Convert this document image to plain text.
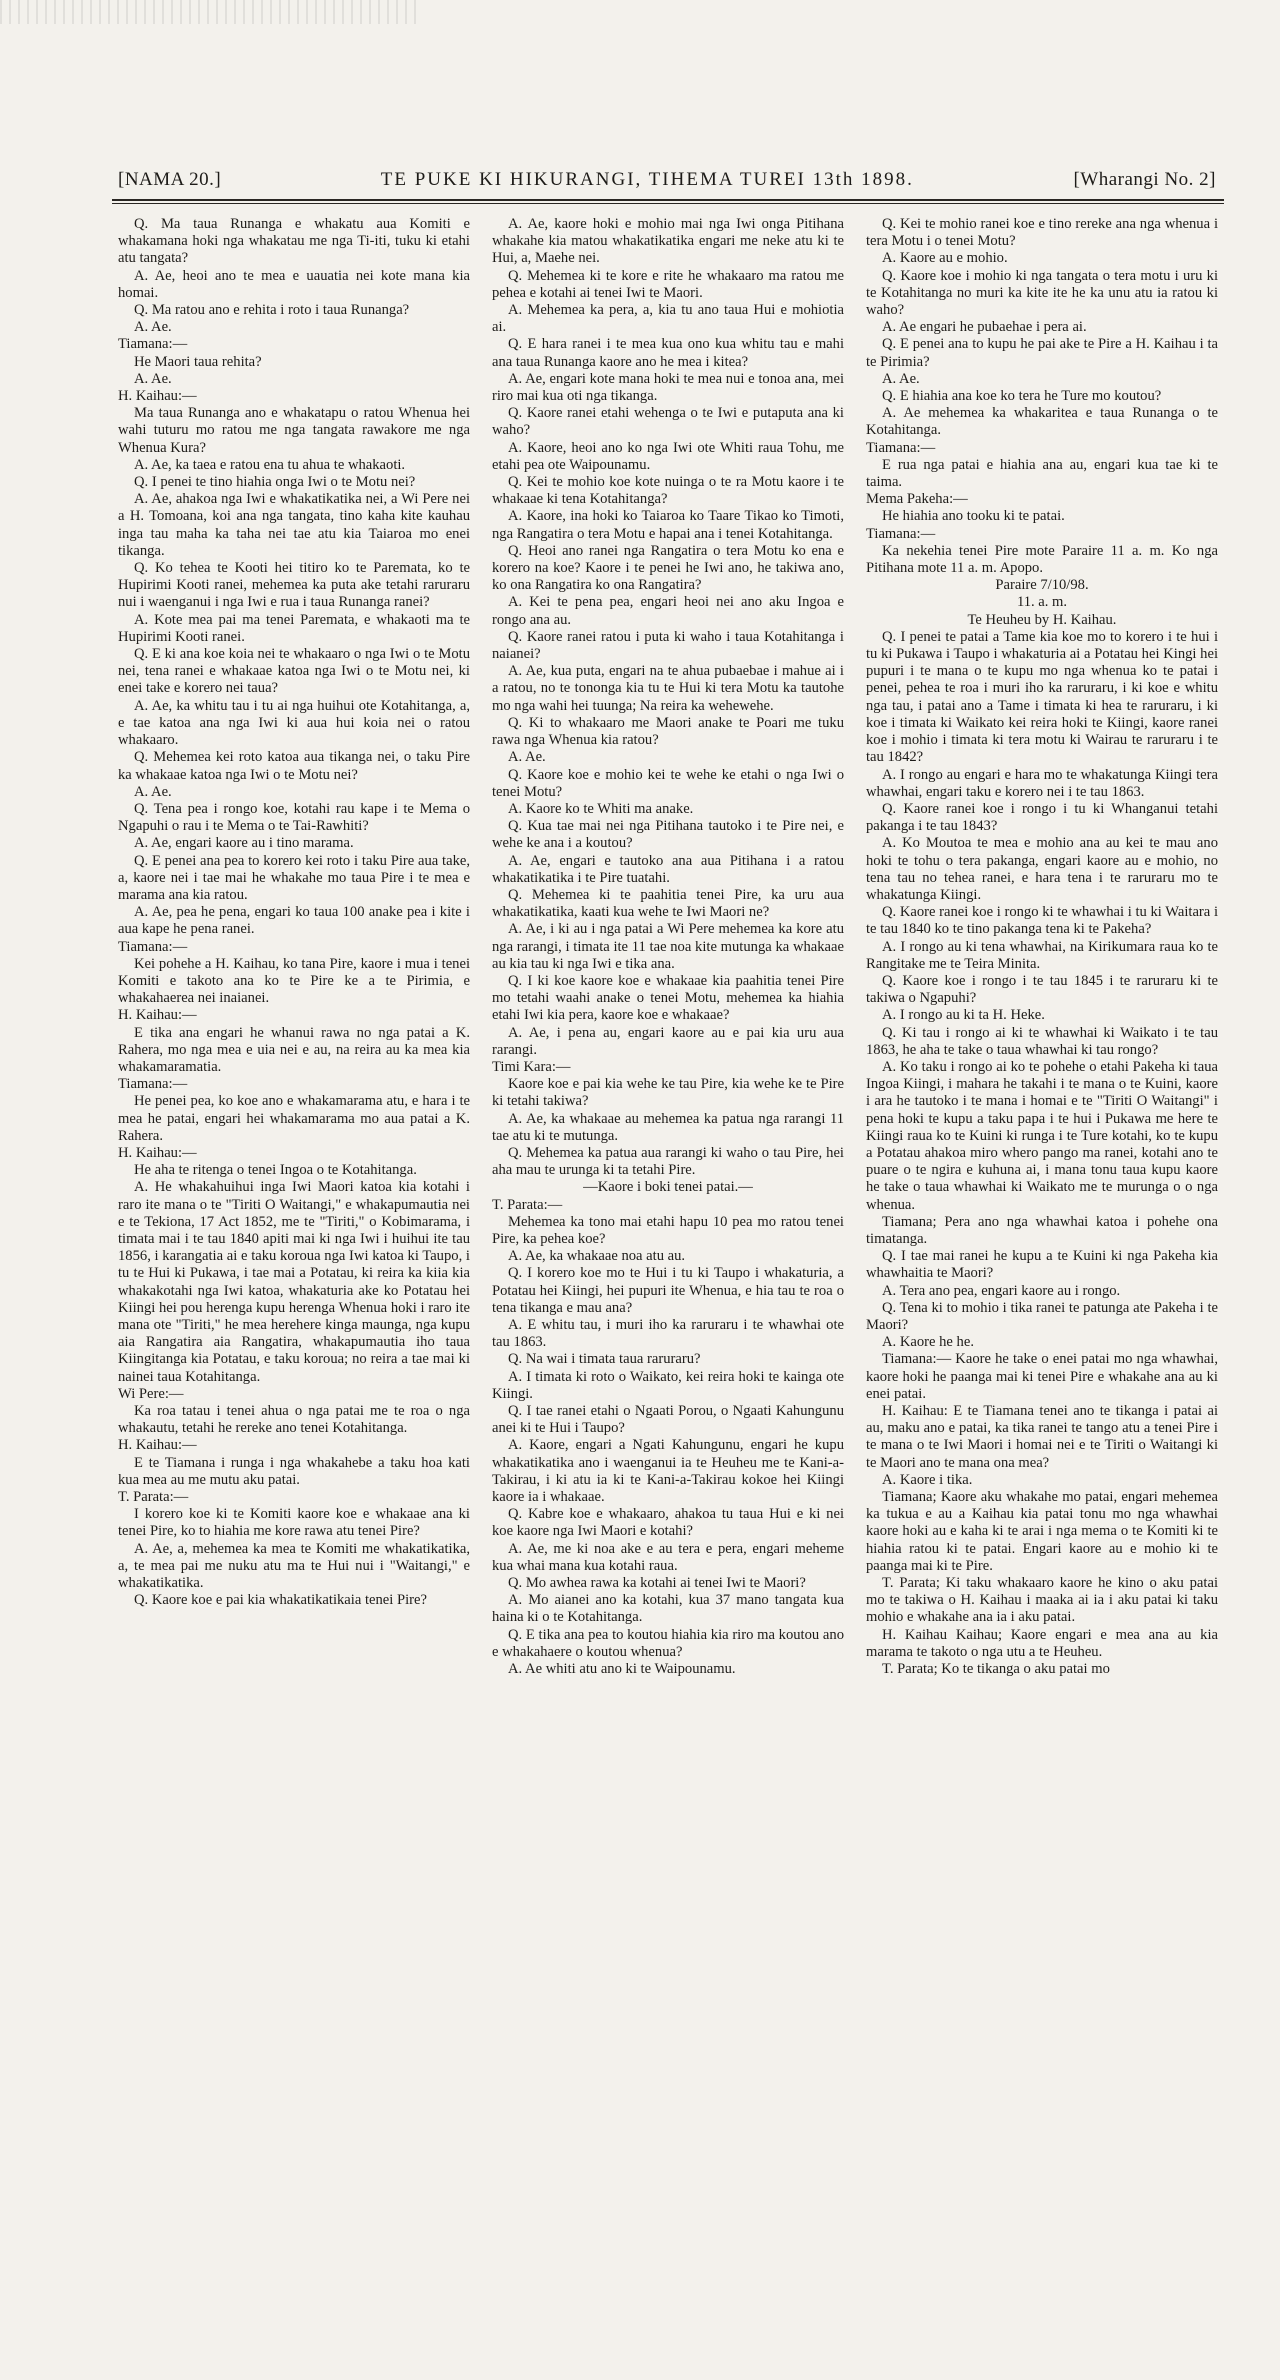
[NAMA 20.]	TE PUKE KI HIKURANGI, TIHEMA TUREI 13th 1898.	[Wharangi No. 2]

Q. Ma taua Runanga e whakatu aua Komiti e whakamana hoki nga whakatau me nga Ti-iti, tuku ki etahi atu tangata?

A. Ae, heoi ano te mea e uauatia nei kote mana kia homai.

Q. Ma ratou ano e rehita i roto i taua Runanga?

A. Ae.

Tiamana:—

He Maori taua rehita?

A. Ae.

H. Kaihau:—

Ma taua Runanga ano e whakatapu o ratou Whenua hei wahi tuturu mo ratou me nga tangata rawakore me nga Whenua Kura?

A. Ae, ka taea e ratou ena tu ahua te whakaoti.

Q. I penei te tino hiahia onga Iwi o te Motu nei?

A. Ae, ahakoa nga Iwi e whakatikatika nei, a Wi Pere nei a H. Tomoana, koi ana nga tangata, tino kaha kite kauhau inga tau maha ka taha nei tae atu kia Taiaroa mo enei tikanga.

Q. Ko tehea te Kooti hei titiro ko te Paremata, ko te Hupirimi Kooti ranei, mehemea ka puta ake tetahi raruraru nui i waenganui i nga Iwi e rua i taua Runanga ranei?

A. Kote mea pai ma tenei Paremata, e whakaoti ma te Hupirimi Kooti ranei.

Q. E ki ana koe koia nei te whakaaro o nga Iwi o te Motu nei, tena ranei e whakaae katoa nga Iwi o te Motu nei, ki enei take e korero nei taua?

A. Ae, ka whitu tau i tu ai nga huihui ote Kotahitanga, a, e tae katoa ana nga Iwi ki aua hui koia nei o ratou whakaaro.

Q. Mehemea kei roto katoa aua tikanga nei, o taku Pire ka whakaae katoa nga Iwi o te Motu nei?

A. Ae.

Q. Tena pea i rongo koe, kotahi rau kape i te Mema o Ngapuhi o rau i te Mema o te Tai-Rawhiti?

A. Ae, engari kaore au i tino marama.

Q. E penei ana pea to korero kei roto i taku Pire aua take, a, kaore nei i tae mai he whakahe mo taua Pire i te mea e marama ana kia ratou.

A. Ae, pea he pena, engari ko taua 100 anake pea i kite i aua kape he pena ranei.

Tiamana:—

Kei pohehe a H. Kaihau, ko tana Pire, kaore i mua i tenei Komiti e takoto ana ko te Pire ke a te Pirimia, e whakahaerea nei inaianei.

H. Kaihau:—

E tika ana engari he whanui rawa no nga patai a K. Rahera, mo nga mea e uia nei e au, na reira au ka mea kia whakamaramatia.

Tiamana:—

He penei pea, ko koe ano e whakamarama atu, e hara i te mea he patai, engari hei whakamarama mo aua patai a K. Rahera.

H. Kaihau:—

He aha te ritenga o tenei Ingoa o te Kotahitanga.

A. He whakahuihui inga Iwi Maori katoa kia kotahi i raro ite mana o te "Tiriti O Waitangi," e whakapumautia nei e te Tekiona, 17 Act 1852, me te "Tiriti," o Kobimarama, i timata mai i te tau 1840 apiti mai ki nga Iwi i huihui ite tau 1856, i karangatia ai e taku koroua nga Iwi katoa ki Taupo, i tu te Hui ki Pukawa, i tae mai a Potatau, ki reira ka kiia kia whakakotahi nga Iwi katoa, whakaturia ake ko Potatau hei Kiingi hei pou herenga kupu herenga Whenua hoki i raro ite mana ote "Tiriti," he mea herehere kinga maunga, nga kupu aia Rangatira aia Rangatira, whakapumautia iho taua Kiingitanga kia Potatau, e taku koroua; no reira a tae mai ki nainei taua Kotahitanga.

Wi Pere:—

Ka roa tatau i tenei ahua o nga patai me te roa o nga whakautu, tetahi he rereke ano tenei Kotahitanga.

H. Kaihau:—

E te Tiamana i runga i nga whakahebe a taku hoa kati kua mea au me mutu aku patai.

T. Parata:—

I korero koe ki te Komiti kaore koe e whakaae ana ki tenei Pire, ko to hiahia me kore rawa atu tenei Pire?

A. Ae, a, mehemea ka mea te Komiti me whakatikatika, a, te mea pai me nuku atu ma te Hui nui i "Waitangi," e whakatikatika.

Q. Kaore koe e pai kia whakatikatikaia tenei Pire?

A. Ae, kaore hoki e mohio mai nga Iwi onga Pitihana whakahe kia matou whakatikatika engari me neke atu ki te Hui, a, Maehe nei.

Q. Mehemea ki te kore e rite he whakaaro ma ratou me pehea e kotahi ai tenei Iwi te Maori.

A. Mehemea ka pera, a, kia tu ano taua Hui e mohiotia ai.

Q. E hara ranei i te mea kua ono kua whitu tau e mahi ana taua Runanga kaore ano he mea i kitea?

A. Ae, engari kote mana hoki te mea nui e tonoa ana, mei riro mai kua oti nga tikanga.

Q. Kaore ranei etahi wehenga o te Iwi e putaputa ana ki waho?

A. Kaore, heoi ano ko nga Iwi ote Whiti raua Tohu, me etahi pea ote Waipounamu.

Q. Kei te mohio koe kote nuinga o te ra Motu kaore i te whakaae ki tena Kotahitanga?

A. Kaore, ina hoki ko Taiaroa ko Taare Tikao ko Timoti, nga Rangatira o tera Motu e hapai ana i tenei Kotahitanga.

Q. Heoi ano ranei nga Rangatira o tera Motu ko ena e korero na koe? Kaore i te penei he Iwi ano, he takiwa ano, ko ona Rangatira ko ona Rangatira?

A. Kei te pena pea, engari heoi nei ano aku Ingoa e rongo ana au.

Q. Kaore ranei ratou i puta ki waho i taua Kotahitanga i naianei?

A. Ae, kua puta, engari na te ahua pubaebae i mahue ai i a ratou, no te tononga kia tu te Hui ki tera Motu ka tautohe mo nga wahi hei tuunga; Na reira ka wehewehe.

Q. Ki to whakaaro me Maori anake te Poari me tuku rawa nga Whenua kia ratou?

A. Ae.

Q. Kaore koe e mohio kei te wehe ke etahi o nga Iwi o tenei Motu?

A. Kaore ko te Whiti ma anake.

Q. Kua tae mai nei nga Pitihana tautoko i te Pire nei, e wehe ke ana i a koutou?

A. Ae, engari e tautoko ana aua Pitihana i a ratou whakatikatika i te Pire tuatahi.

Q. Mehemea ki te paahitia tenei Pire, ka uru aua whakatikatika, kaati kua wehe te Iwi Maori ne?

A. Ae, i ki au i nga patai a Wi Pere mehemea ka kore atu nga rarangi, i timata ite 11 tae noa kite mutunga ka whakaae au kia tau ki nga Iwi e tika ana.

Q. I ki koe kaore koe e whakaae kia paahitia tenei Pire mo tetahi waahi anake o tenei Motu, mehemea ka hiahia etahi Iwi kia pera, kaore koe e whakaae?

A. Ae, i pena au, engari kaore au e pai kia uru aua rarangi.

Timi Kara:—

Kaore koe e pai kia wehe ke tau Pire, kia wehe ke te Pire ki tetahi takiwa?

A. Ae, ka whakaae au mehemea ka patua nga rarangi 11 tae atu ki te mutunga.

Q. Mehemea ka patua aua rarangi ki waho o tau Pire, hei aha mau te urunga ki ta tetahi Pire.

—Kaore i boki tenei patai.—

T. Parata:—

Mehemea ka tono mai etahi hapu 10 pea mo ratou tenei Pire, ka pehea koe?

A. Ae, ka whakaae noa atu au.

Q. I korero koe mo te Hui i tu ki Taupo i whakaturia, a Potatau hei Kiingi, hei pupuri ite Whenua, e hia tau te roa o tena tikanga e mau ana?

A. E whitu tau, i muri iho ka raruraru i te whawhai ote tau 1863.

Q. Na wai i timata taua raruraru?

A. I timata ki roto o Waikato, kei reira hoki te kainga ote Kiingi.

Q. I tae ranei etahi o Ngaati Porou, o Ngaati Kahungunu anei ki te Hui i Taupo?

A. Kaore, engari a Ngati Kahungunu, engari he kupu whakatikatika ano i waenganui ia te Heuheu me te Kani-a-Takirau, i ki atu ia ki te Kani-a-Takirau kokoe hei Kiingi kaore ia i whakaae.

Q. Kabre koe e whakaaro, ahakoa tu taua Hui e ki nei koe kaore nga Iwi Maori e kotahi?

A. Ae, me ki noa ake e au tera e pera, engari meheme kua whai mana kua kotahi raua.

Q. Mo awhea rawa ka kotahi ai tenei Iwi te Maori?

A. Mo aianei ano ka kotahi, kua 37 mano tangata kua haina ki o te Kotahitanga.

Q. E tika ana pea to koutou hiahia kia riro ma koutou ano e whakahaere o koutou whenua?

A. Ae whiti atu ano ki te Waipounamu.

Q. Kei te mohio ranei koe e tino rereke ana nga whenua i tera Motu i o tenei Motu?

A. Kaore au e mohio.

Q. Kaore koe i mohio ki nga tangata o tera motu i uru ki te Kotahitanga no muri ka kite ite he ka unu atu ia ratou ki waho?

A. Ae engari he pubaehae i pera ai.

Q. E penei ana to kupu he pai ake te Pire a H. Kaihau i ta te Pirimia?

A. Ae.

Q. E hiahia ana koe ko tera he Ture mo koutou?

A. Ae mehemea ka whakaritea e taua Runanga o te Kotahitanga.

Tiamana:—

E rua nga patai e hiahia ana au, engari kua tae ki te taima.

Mema Pakeha:—

He hiahia ano tooku ki te patai.

Tiamana:—

Ka nekehia tenei Pire mote Paraire 11 a. m. Ko nga Pitihana mote 11 a. m. Apopo.

Paraire 7/10/98.

11. a. m.

Te Heuheu by H. Kaihau.

Q. I penei te patai a Tame kia koe mo to korero i te hui i tu ki Pukawa i Taupo i whakaturia ai a Potatau hei Kingi hei pupuri i te mana o te kupu mo nga whenua ko te patai i penei, pehea te roa i muri iho ka raruraru, i ki koe e whitu nga tau, i patai ano a Tame i timata ki hea te raruraru, i ki koe i timata ki Waikato kei reira hoki te Kiingi, kaore ranei koe i mohio i timata ki tera motu ki Wairau te raruraru i te tau 1842?

A. I rongo au engari e hara mo te whakatunga Kiingi tera whawhai, engari taku e korero nei i te tau 1863.

Q. Kaore ranei koe i rongo i tu ki Whanganui tetahi pakanga i te tau 1843?

A. Ko Moutoa te mea e mohio ana au kei te mau ano hoki te tohu o tera pakanga, engari kaore au e mohio, no tena tau no tehea ranei, e hara tena i te raruraru mo te whakatunga Kiingi.

Q. Kaore ranei koe i rongo ki te whawhai i tu ki Waitara i te tau 1840 ko te tino pakanga tena ki te Pakeha?

A. I rongo au ki tena whawhai, na Kirikumara raua ko te Rangitake me te Teira Minita.

Q. Kaore koe i rongo i te tau 1845 i te raruraru ki te takiwa o Ngapuhi?

A. I rongo au ki ta H. Heke.

Q. Ki tau i rongo ai ki te whawhai ki Waikato i te tau 1863, he aha te take o taua whawhai ki tau rongo?

A. Ko taku i rongo ai ko te pohehe o etahi Pakeha ki taua Ingoa Kiingi, i mahara he takahi i te mana o te Kuini, kaore i ara he tautoko i te mana i homai e te "Tiriti O Waitangi" i pena hoki te kupu a taku papa i te hui i Pukawa me here te Kiingi raua ko te Kuini ki runga i te Ture kotahi, ko te kupu a Potatau ahakoa miro whero pango ma ranei, kotahi ano te puare o te ngira e kuhuna ai, i mana tonu taua kupu kaore he take o taua whawhai ki Waikato me te murunga o o nga whenua.

Tiamana; Pera ano nga whawhai katoa i pohehe ona timatanga.

Q. I tae mai ranei he kupu a te Kuini ki nga Pakeha kia whawhaitia te Maori?

A. Tera ano pea, engari kaore au i rongo.

Q. Tena ki to mohio i tika ranei te patunga ate Pakeha i te Maori?

A. Kaore he he.

Tiamana:— Kaore he take o enei patai mo nga whawhai, kaore hoki he paanga mai ki tenei Pire e whakahe ana au ki enei patai.

H. Kaihau: E te Tiamana tenei ano te tikanga i patai ai au, maku ano e patai, ka tika ranei te tango atu a tenei Pire i te mana o te Iwi Maori i homai nei e te Tiriti o Waitangi ki te Maori ano te mana ona mea?

A. Kaore i tika.

Tiamana; Kaore aku whakahe mo patai, engari mehemea ka tukua e au a Kaihau kia patai tonu mo nga whawhai kaore hoki au e kaha ki te arai i nga mema o te Komiti ki te hiahia ratou ki te patai. Engari kaore au e mohio ki te paanga mai ki te Pire.

T. Parata; Ki taku whakaaro kaore he kino o aku patai mo te takiwa o H. Kaihau i maaka ai ia i aku patai ki taku mohio e whakahe ana ia i aku patai.

H. Kaihau Kaihau; Kaore engari e mea ana au kia marama te takoto o nga utu a te Heuheu.

T. Parata; Ko te tikanga o aku patai mo
